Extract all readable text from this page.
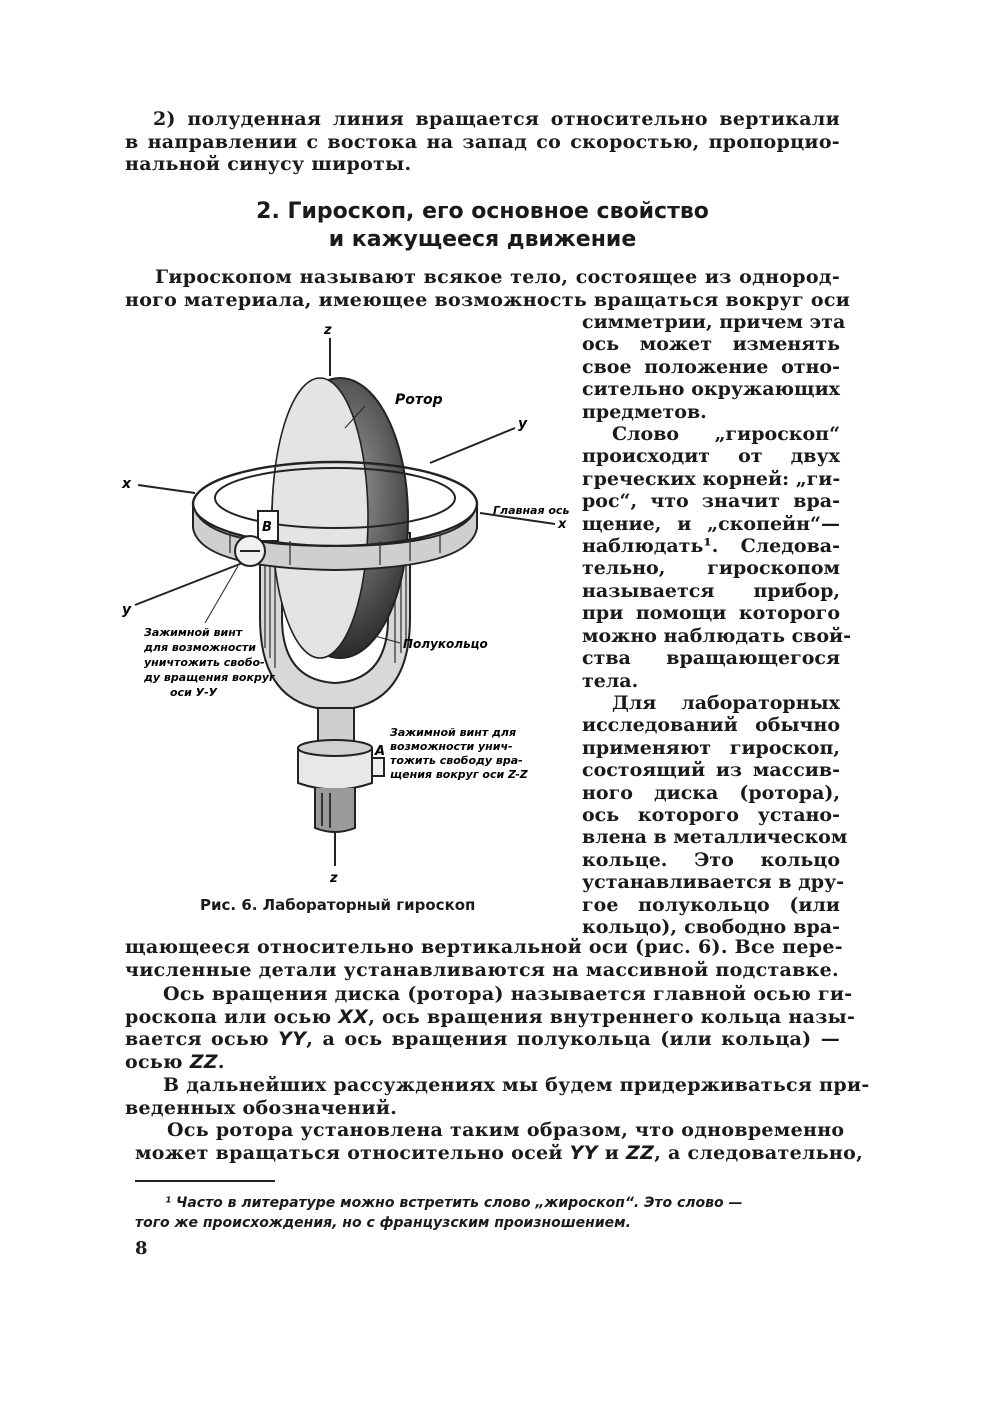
2) полуденная линия вращается относительно вертикали
в направлении с востока на запад со скоростью, пропорцио-
нальной синусу широты.
2. Гироскоп, его основное свойство
и кажущееся движение
Гироскопом называют всякое тело, состоящее из однород-
ного материала, имеющее возможность вращаться вокруг оси
симметрии, причем эта
ось может изменять
свое положение отно-
сительно окружающих
предметов.
Слово „гироскоп“
происходит от двух
греческих корней: „ги-
рос“, что значит вра-
щение, и „скопейн“—
наблюдать¹. Следова-
тельно, гироскопом
называется прибор,
при помощи которого
можно наблюдать свой-
ства вращающегося
тела.
Для лабораторных
исследований обычно
применяют гироскоп,
состоящий из массив-
ного диска (ротора),
ось которого устано-
влена в металлическом
кольце. Это кольцо
устанавливается в дру-
гое полукольцо (или
кольцо), свободно вра-
z
z
Ротор
у
х
Главная ось
х
B
у
Полукольцо
A
Зажимной винт
для возможности
уничтожить свобо-
ду вращения вокруг
оси У-У
Зажимной винт для
возможности унич-
тожить свободу вра-
щения вокруг оси Z-Z
Рис. 6. Лабораторный гироскоп
щающееся относительно вертикальной оси (рис. 6). Все пере-
численные детали устанавливаются на массивной подставке.
Ось вращения диска (ротора) называется главной осью ги-
роскопа или осью XX, ось вращения внутреннего кольца назы-
вается осью YY, а ось вращения полукольца (или кольца) —
осью ZZ.
В дальнейших рассуждениях мы будем придерживаться при-
веденных обозначений.
Ось ротора установлена таким образом, что одновременно
может вращаться относительно осей YY и ZZ, а следовательно,
¹ Часто в литературе можно встретить слово „жироскоп“. Это слово —
того же происхождения, но с французским произношением.
8
